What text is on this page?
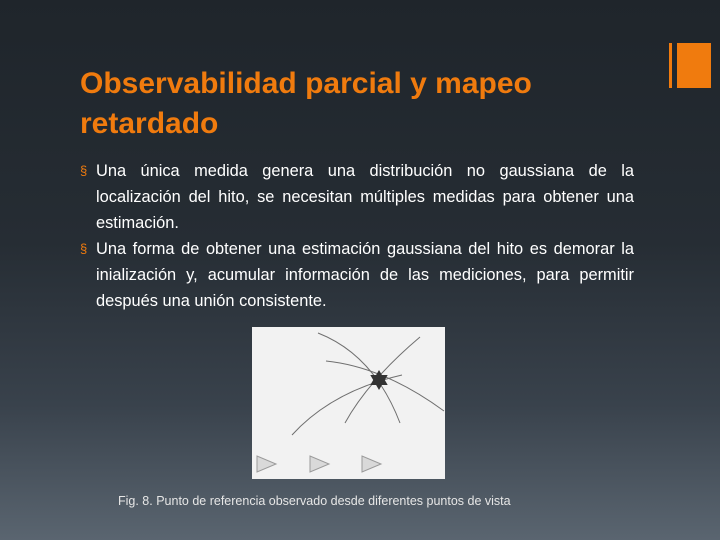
Observabilidad parcial y mapeo retardado
§ Una única medida genera una distribución no gaussiana de la localización del hito, se necesitan múltiples medidas para obtener una estimación.
§ Una forma de obtener una estimación gaussiana del hito es demorar la inialización y, acumular información de las mediciones, para permitir después una unión consistente.
Fig. 8. Punto de referencia observado desde diferentes puntos de vista
